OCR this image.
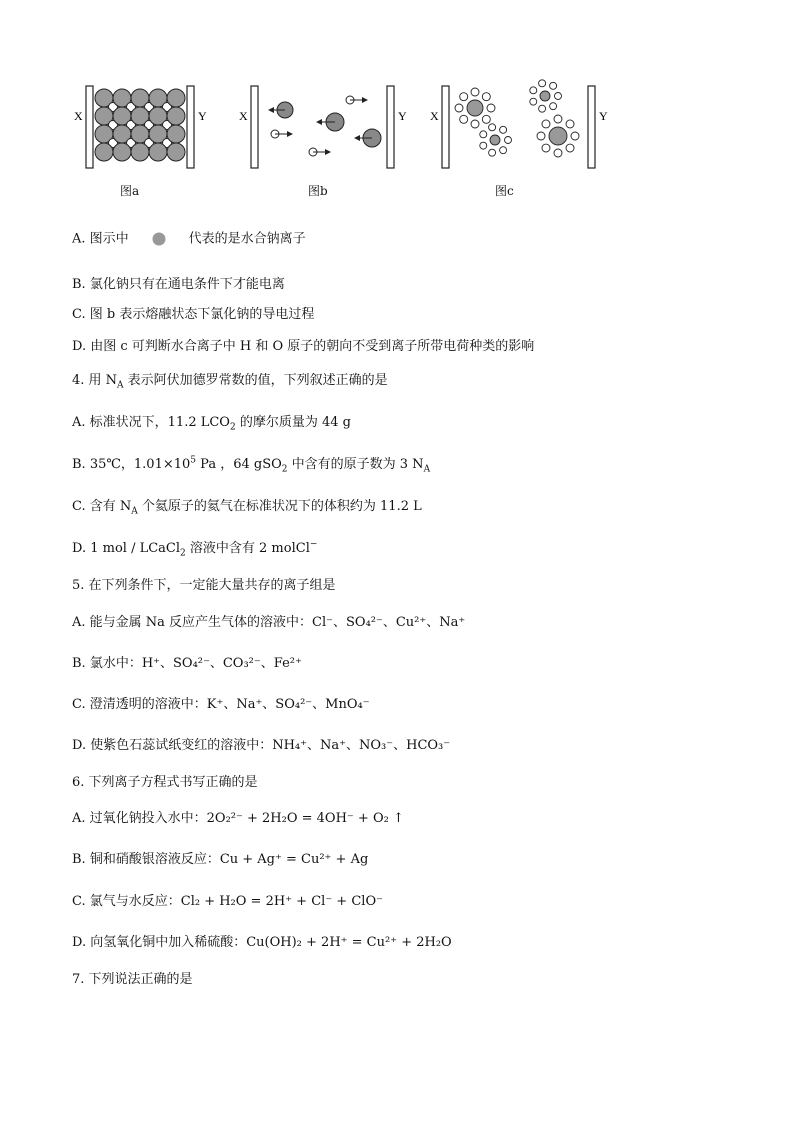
X	Y
图a
X	Y
图b
X	Y
图c
A. 图示中	代表的是水合钠离子
B. 氯化钠只有在通电条件下才能电离
C. 图 b 表示熔融状态下氯化钠的导电过程
D. 由图 c 可判断水合离子中 H 和 O 原子的朝向不受到离子所带电荷种类的影响
4. 用 $N_A$ 表示阿伏加德罗常数的值，下列叙述正确的是
A. 标准状况下，11.2 $LCO_2$ 的摩尔质量为 44 g
B. 35℃，$1.01\times 10^5$ Pa ，64 gSO$_2$ 中含有的原子数为 3 $N_A$
C. 含有 $N_A$ 个氦原子的氦气在标准状况下的体积约为 11.2 L
D. 1 mol / LCaCl$_2$ 溶液中含有 2 molCl−
5. 在下列条件下，一定能大量共存的离子组是
A. 能与金属 Na 反应产生气体的溶液中：Cl⁻、SO₄²⁻、Cu²⁺、Na⁺
B. 氯水中：H⁺、SO₄²⁻、CO₃²⁻、Fe²⁺
C. 澄清透明的溶液中：K⁺、Na⁺、SO₄²⁻、MnO₄⁻
D. 使紫色石蕊试纸变红的溶液中：NH₄⁺、Na⁺、NO₃⁻、HCO₃⁻
6. 下列离子方程式书写正确的是
A. 过氧化钠投入水中：2O₂²⁻ + 2H₂O = 4OH⁻ + O₂ ↑
B. 铜和硝酸银溶液反应：Cu + Ag⁺ = Cu²⁺ + Ag
C. 氯气与水反应：Cl₂ + H₂O = 2H⁺ + Cl⁻ + ClO⁻
D. 向氢氧化铜中加入稀硫酸：Cu(OH)₂ + 2H⁺ = Cu²⁺ + 2H₂O
7. 下列说法正确的是
